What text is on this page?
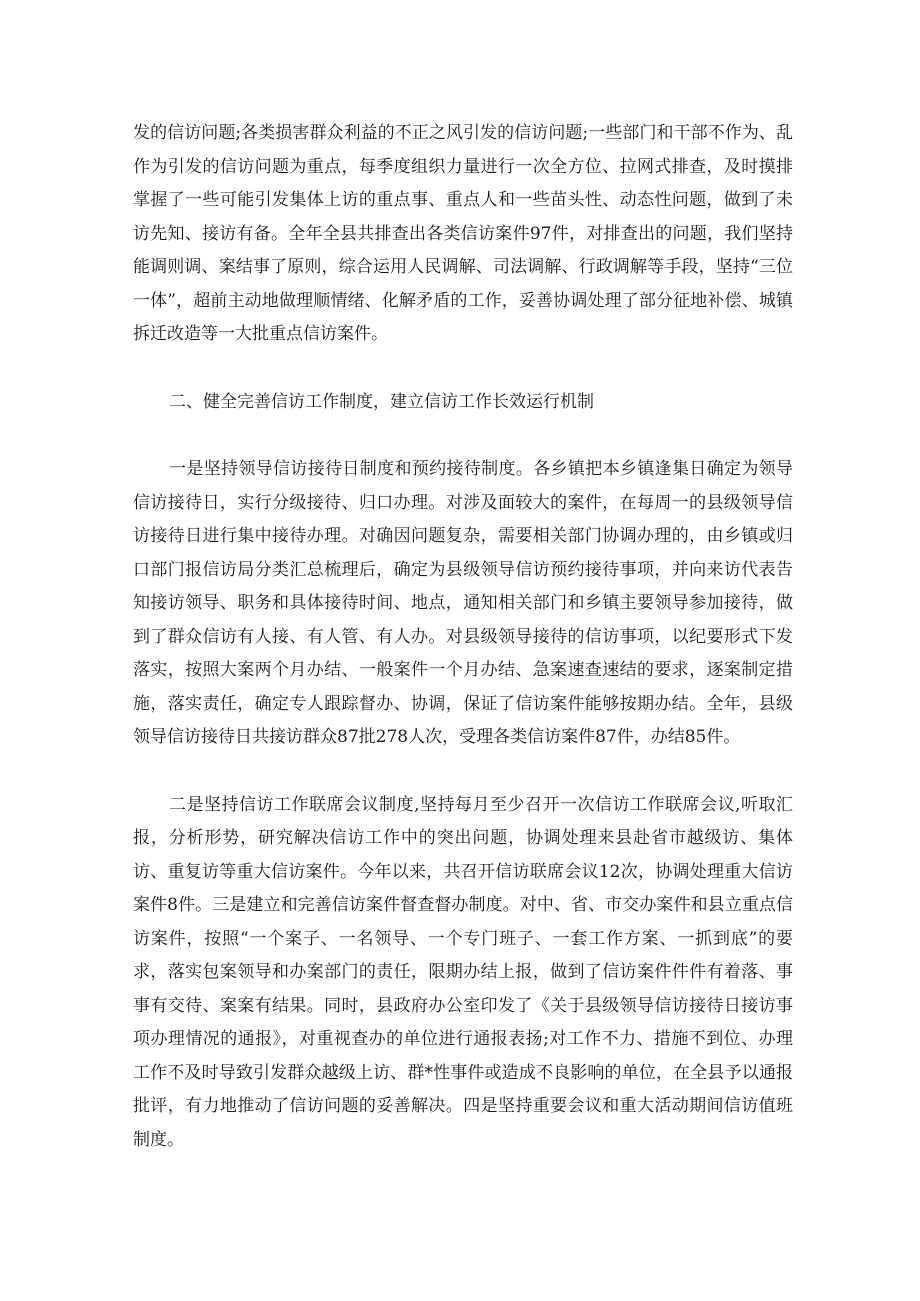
发的信访问题;各类损害群众利益的不正之风引发的信访问题;一些部门和干部不作为、乱作为引发的信访问题为重点，每季度组织力量进行一次全方位、拉网式排查，及时摸排掌握了一些可能引发集体上访的重点事、重点人和一些苗头性、动态性问题，做到了未访先知、接访有备。全年全县共排查出各类信访案件97件，对排查出的问题，我们坚持能调则调、案结事了原则，综合运用人民调解、司法调解、行政调解等手段，坚持“三位一体”，超前主动地做理顺情绪、化解矛盾的工作，妥善协调处理了部分征地补偿、城镇拆迁改造等一大批重点信访案件。

二、健全完善信访工作制度，建立信访工作长效运行机制

一是坚持领导信访接待日制度和预约接待制度。各乡镇把本乡镇逢集日确定为领导信访接待日，实行分级接待、归口办理。对涉及面较大的案件，在每周一的县级领导信访接待日进行集中接待办理。对确因问题复杂，需要相关部门协调办理的，由乡镇或归口部门报信访局分类汇总梳理后，确定为县级领导信访预约接待事项，并向来访代表告知接访领导、职务和具体接待时间、地点，通知相关部门和乡镇主要领导参加接待，做到了群众信访有人接、有人管、有人办。对县级领导接待的信访事项，以纪要形式下发落实，按照大案两个月办结、一般案件一个月办结、急案速查速结的要求，逐案制定措施，落实责任，确定专人跟踪督办、协调，保证了信访案件能够按期办结。全年，县级领导信访接待日共接访群众87批278人次，受理各类信访案件87件，办结85件。

二是坚持信访工作联席会议制度,坚持每月至少召开一次信访工作联席会议,听取汇报，分析形势，研究解决信访工作中的突出问题，协调处理来县赴省市越级访、集体访、重复访等重大信访案件。今年以来，共召开信访联席会议12次，协调处理重大信访案件8件。三是建立和完善信访案件督查督办制度。对中、省、市交办案件和县立重点信访案件，按照“一个案子、一名领导、一个专门班子、一套工作方案、一抓到底”的要求，落实包案领导和办案部门的责任，限期办结上报，做到了信访案件件件有着落、事事有交待、案案有结果。同时，县政府办公室印发了《关于县级领导信访接待日接访事项办理情况的通报》，对重视查办的单位进行通报表扬;对工作不力、措施不到位、办理工作不及时导致引发群众越级上访、群*性事件或造成不良影响的单位，在全县予以通报批评，有力地推动了信访问题的妥善解决。四是坚持重要会议和重大活动期间信访值班制度。
